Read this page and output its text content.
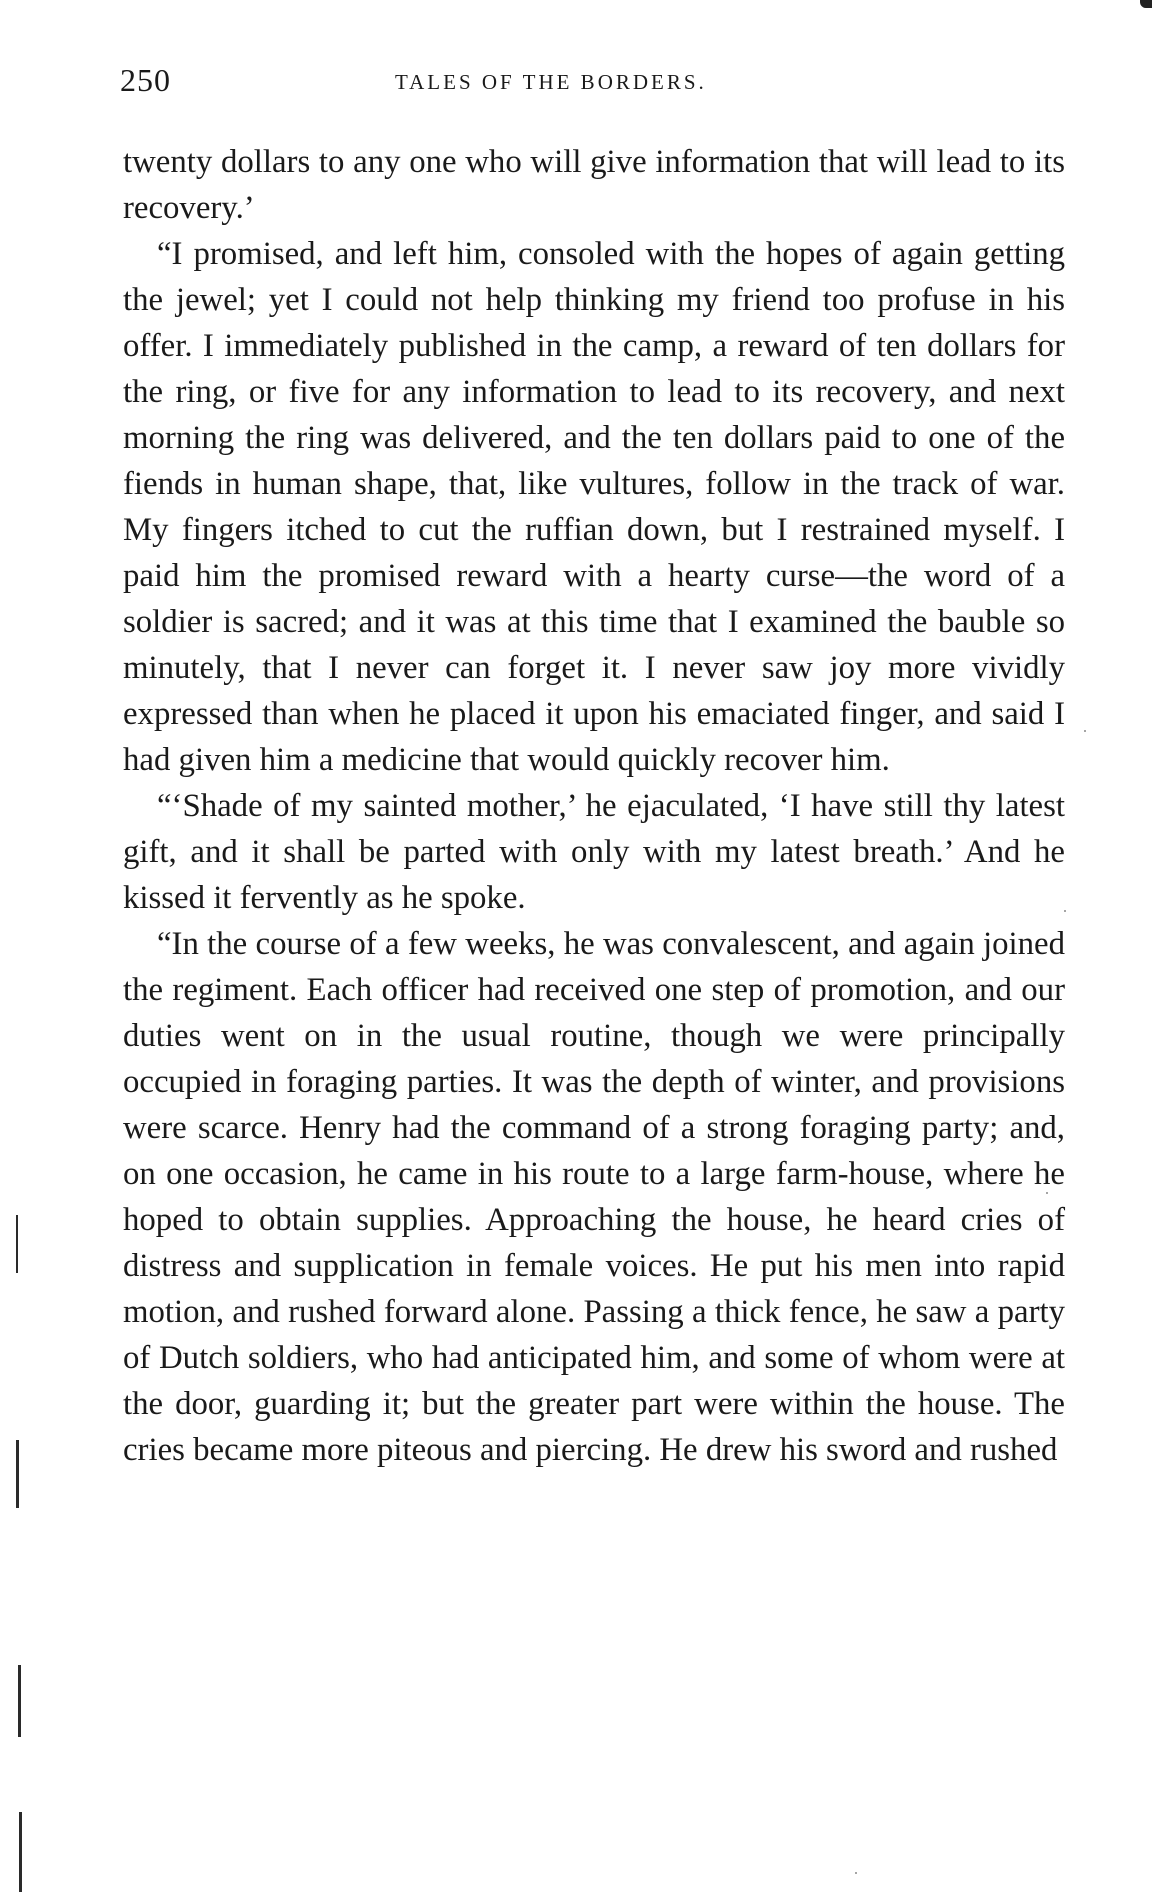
250	TALES OF THE BORDERS.

twenty dollars to any one who will give information that will lead to its recovery.’

“I promised, and left him, consoled with the hopes of again getting the jewel; yet I could not help thinking my friend too profuse in his offer. I immediately published in the camp, a reward of ten dollars for the ring, or five for any information to lead to its recovery, and next morning the ring was delivered, and the ten dollars paid to one of the fiends in human shape, that, like vultures, follow in the track of war. My fingers itched to cut the ruffian down, but I restrained myself. I paid him the promised reward with a hearty curse—the word of a soldier is sacred; and it was at this time that I examined the bauble so minutely, that I never can forget it. I never saw joy more vividly expressed than when he placed it upon his emaciated finger, and said I had given him a medicine that would quickly recover him.

“‘Shade of my sainted mother,’ he ejaculated, ‘I have still thy latest gift, and it shall be parted with only with my latest breath.’ And he kissed it fervently as he spoke.

“In the course of a few weeks, he was convalescent, and again joined the regiment. Each officer had received one step of promotion, and our duties went on in the usual routine, though we were principally occupied in foraging parties. It was the depth of winter, and provisions were scarce. Henry had the command of a strong foraging party; and, on one occasion, he came in his route to a large farm-house, where he hoped to obtain supplies. Approaching the house, he heard cries of distress and supplication in female voices. He put his men into rapid motion, and rushed forward alone. Passing a thick fence, he saw a party of Dutch soldiers, who had anticipated him, and some of whom were at the door, guarding it; but the greater part were within the house. The cries became more piteous and piercing. He drew his sword and rushed
